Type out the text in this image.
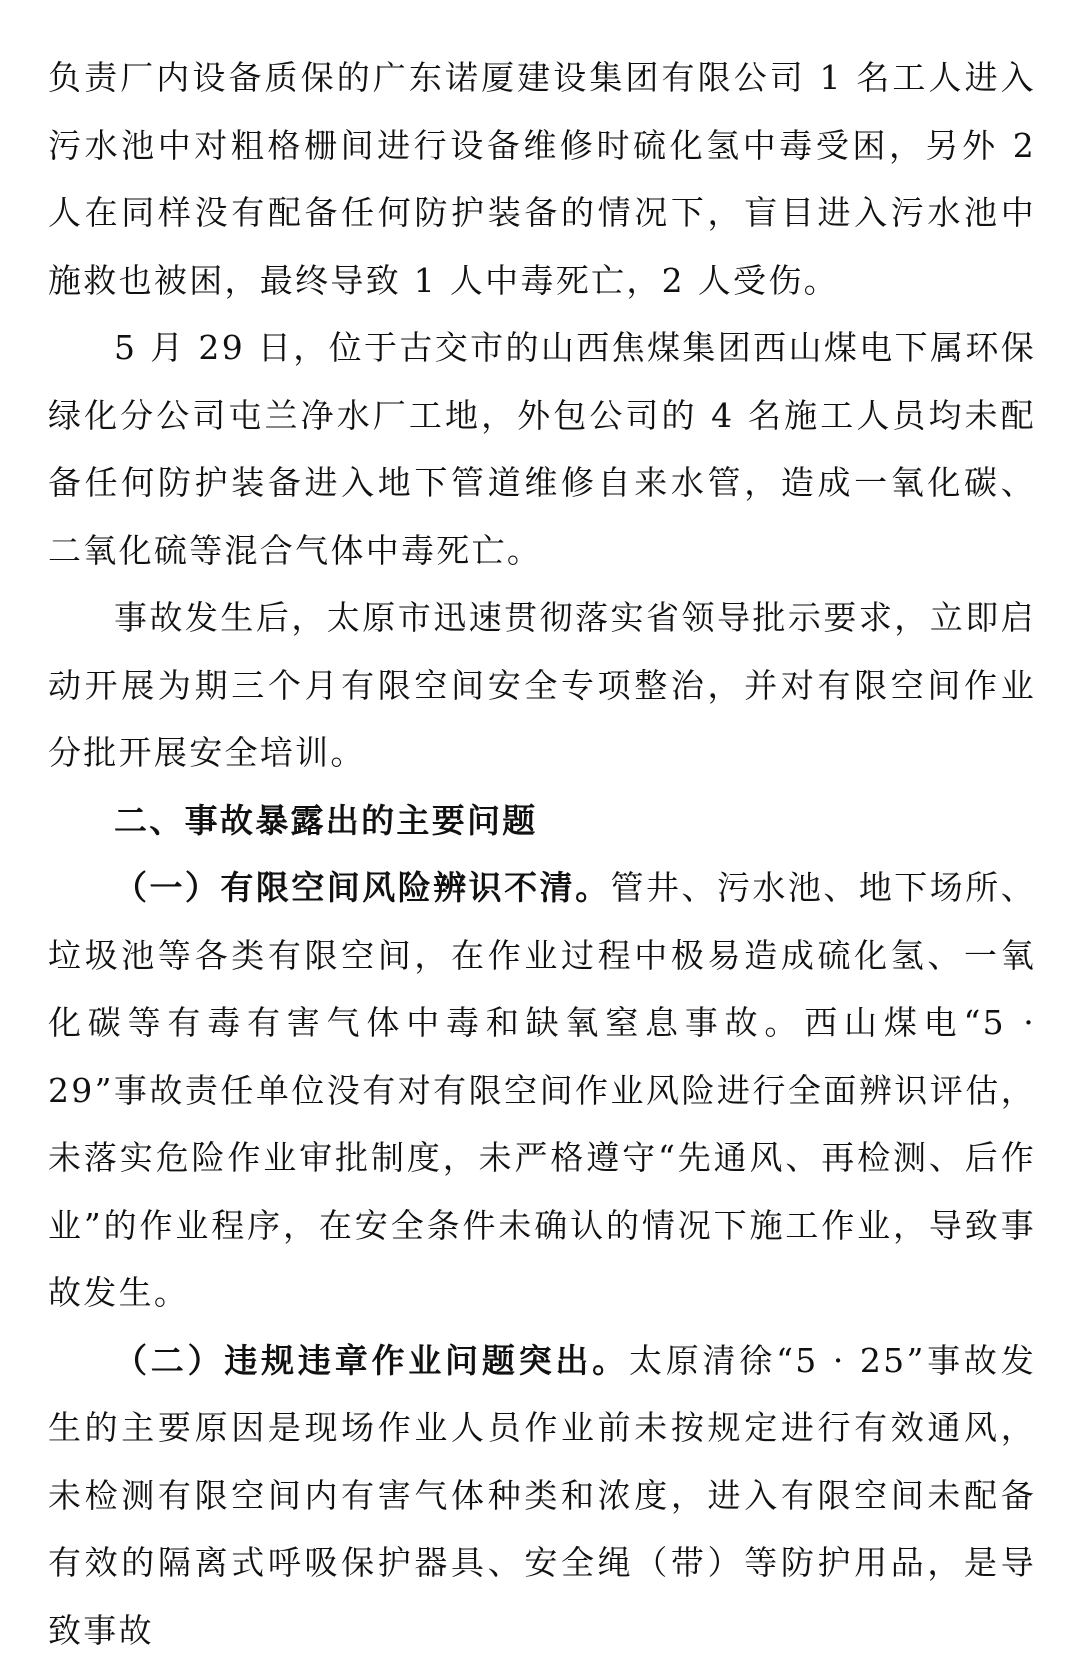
负责厂内设备质保的广东诺厦建设集团有限公司 1 名工人进入污水池中对粗格栅间进行设备维修时硫化氢中毒受困，另外 2 人在同样没有配备任何防护装备的情况下，盲目进入污水池中施救也被困，最终导致 1 人中毒死亡，2 人受伤。

5 月 29 日，位于古交市的山西焦煤集团西山煤电下属环保绿化分公司屯兰净水厂工地，外包公司的 4 名施工人员均未配备任何防护装备进入地下管道维修自来水管，造成一氧化碳、二氧化硫等混合气体中毒死亡。

事故发生后，太原市迅速贯彻落实省领导批示要求，立即启动开展为期三个月有限空间安全专项整治，并对有限空间作业分批开展安全培训。

二、事故暴露出的主要问题

（一）有限空间风险辨识不清。管井、污水池、地下场所、垃圾池等各类有限空间，在作业过程中极易造成硫化氢、一氧化碳等有毒有害气体中毒和缺氧窒息事故。西山煤电“5 · 29”事故责任单位没有对有限空间作业风险进行全面辨识评估，未落实危险作业审批制度，未严格遵守“先通风、再检测、后作业”的作业程序，在安全条件未确认的情况下施工作业，导致事故发生。

（二）违规违章作业问题突出。太原清徐“5 · 25”事故发生的主要原因是现场作业人员作业前未按规定进行有效通风，未检测有限空间内有害气体种类和浓度，进入有限空间未配备有效的隔离式呼吸保护器具、安全绳（带）等防护用品，是导致事故
